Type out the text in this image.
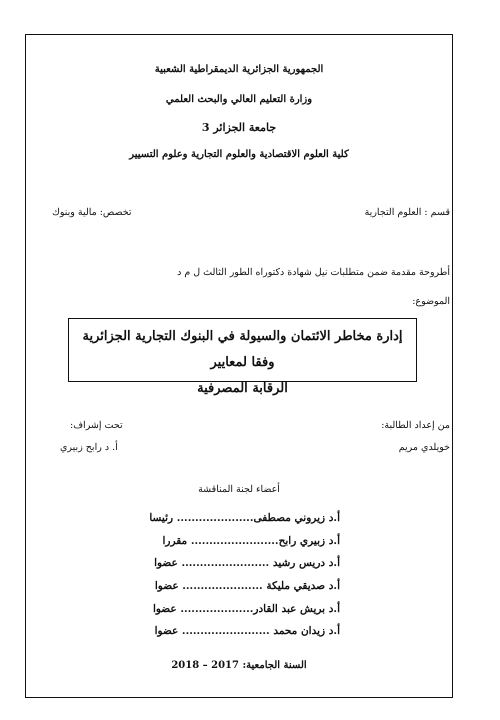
الجمهورية الجزائرية الديمقراطية الشعبية
وزارة التعليم العالي والبحث العلمي
جامعة الجزائر 3
كلية العلوم الاقتصادية والعلوم التجارية وعلوم التسيير
قسم : العلوم التجارية
تخصص: مالية وبنوك
أطروحة مقدمة ضمن متطلبات نيل شهادة دكتوراه الطور الثالث ل م د
الموضوع:
إدارة مخاطر الائتمان والسيولة في البنوك التجارية الجزائرية وفقا لمعايير
الرقابة المصرفية
من إعداد الطالبة:
خويلدي مريم
تحت إشراف:
أ. د رابح زبيري
أعضاء لجنة المناقشة
أ.د زيروني مصطفى..................... رئيسا
أ.د زبيري رابح........................ مقررا
أ.د دريس رشيد ........................ عضوا
أ.د صديقي مليكة ...................... عضوا
أ.د بريش عبد القادر.................... عضوا
أ.د زيدان محمد ........................ عضوا
السنة الجامعية: 2017 – 2018
